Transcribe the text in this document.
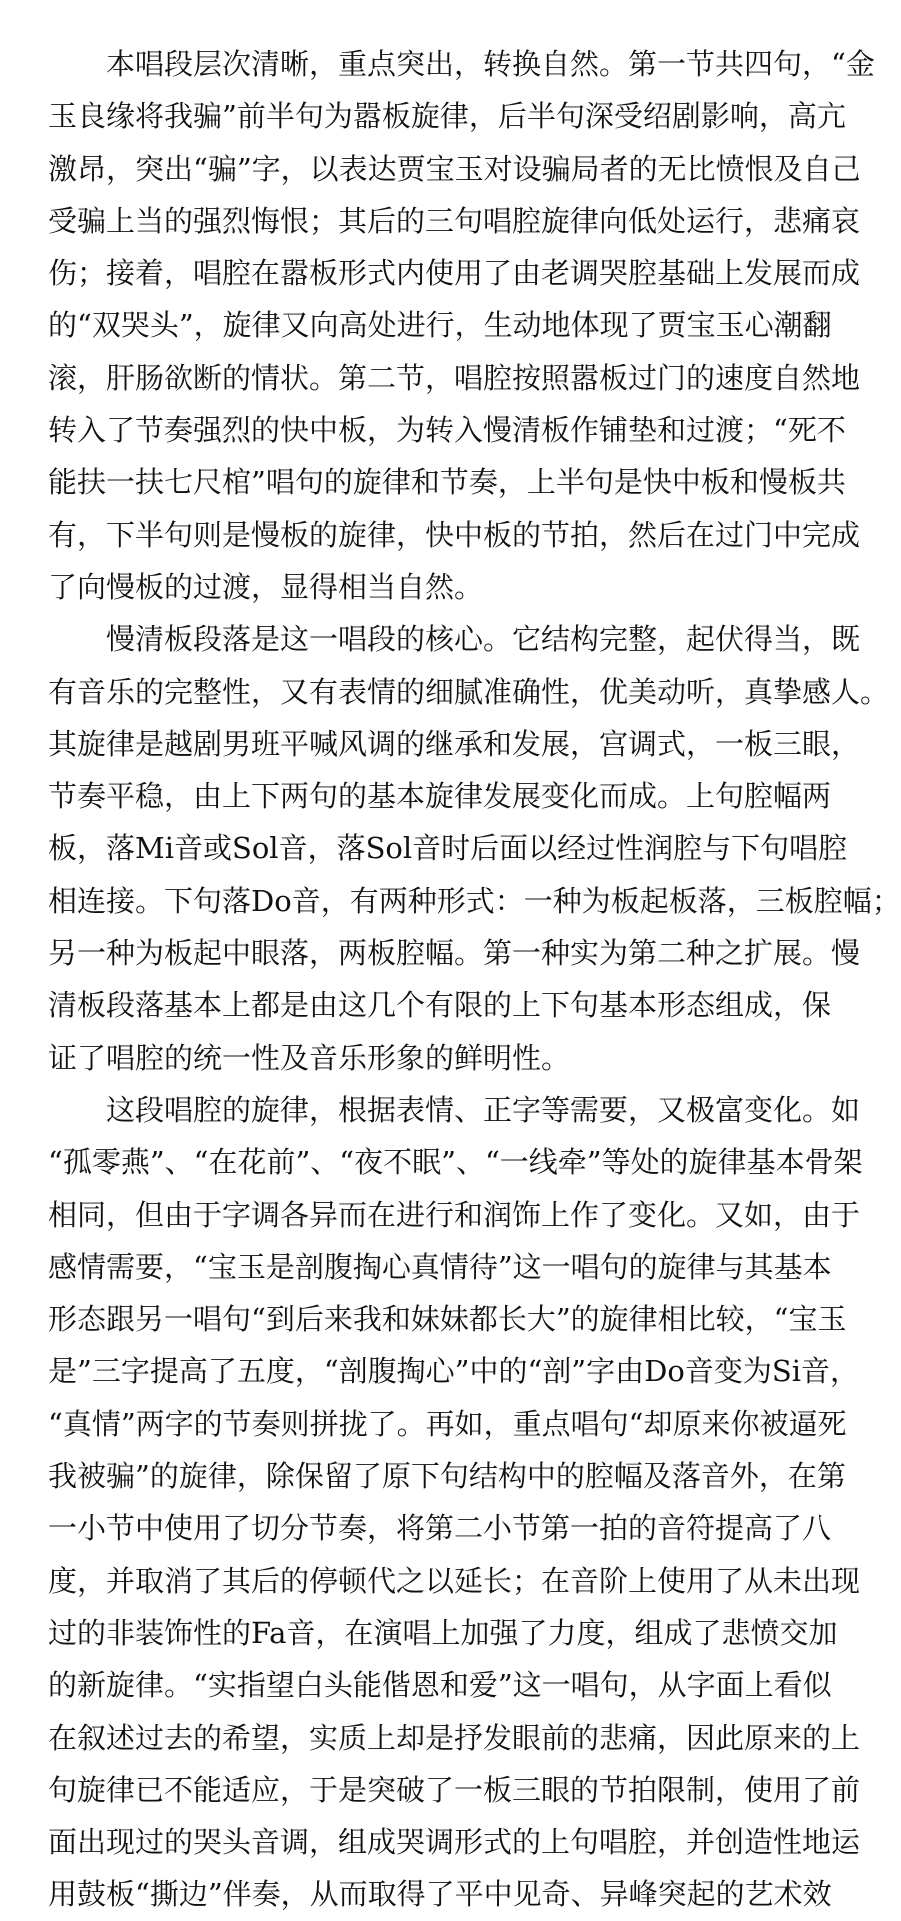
本唱段层次清晰，重点突出，转换自然。第一节共四句，“金
玉良缘将我骗”前半句为嚣板旋律，后半句深受绍剧影响，高亢
激昂，突出“骗”字，以表达贾宝玉对设骗局者的无比愤恨及自己
受骗上当的强烈悔恨；其后的三句唱腔旋律向低处运行，悲痛哀
伤；接着，唱腔在嚣板形式内使用了由老调哭腔基础上发展而成
的“双哭头”，旋律又向高处进行，生动地体现了贾宝玉心潮翻
滚，肝肠欲断的情状。第二节，唱腔按照嚣板过门的速度自然地
转入了节奏强烈的快中板，为转入慢清板作铺垫和过渡；“死不
能扶一扶七尺棺”唱句的旋律和节奏，上半句是快中板和慢板共
有，下半句则是慢板的旋律，快中板的节拍，然后在过门中完成
了向慢板的过渡，显得相当自然。
慢清板段落是这一唱段的核心。它结构完整，起伏得当，既
有音乐的完整性，又有表情的细腻准确性，优美动听，真挚感人。
其旋律是越剧男班平喊风调的继承和发展，宫调式，一板三眼，
节奏平稳，由上下两句的基本旋律发展变化而成。上句腔幅两
板，落Mi音或Sol音，落Sol音时后面以经过性润腔与下句唱腔
相连接。下句落Do音，有两种形式：一种为板起板落，三板腔幅；
另一种为板起中眼落，两板腔幅。第一种实为第二种之扩展。慢
清板段落基本上都是由这几个有限的上下句基本形态组成，保
证了唱腔的统一性及音乐形象的鲜明性。
这段唱腔的旋律，根据表情、正字等需要，又极富变化。如
“孤零燕”、“在花前”、“夜不眠”、“一线牵”等处的旋律基本骨架
相同，但由于字调各异而在进行和润饰上作了变化。又如，由于
感情需要，“宝玉是剖腹掏心真情待”这一唱句的旋律与其基本
形态跟另一唱句“到后来我和妹妹都长大”的旋律相比较，“宝玉
是”三字提高了五度，“剖腹掏心”中的“剖”字由Do音变为Si音，
“真情”两字的节奏则拼拢了。再如，重点唱句“却原来你被逼死
我被骗”的旋律，除保留了原下句结构中的腔幅及落音外，在第
一小节中使用了切分节奏，将第二小节第一拍的音符提高了八
度，并取消了其后的停顿代之以延长；在音阶上使用了从未出现
过的非装饰性的Fa音，在演唱上加强了力度，组成了悲愤交加
的新旋律。“实指望白头能偕恩和爱”这一唱句，从字面上看似
在叙述过去的希望，实质上却是抒发眼前的悲痛，因此原来的上
句旋律已不能适应，于是突破了一板三眼的节拍限制，使用了前
面出现过的哭头音调，组成哭调形式的上句唱腔，并创造性地运
用鼓板“撕边”伴奏，从而取得了平中见奇、异峰突起的艺术效
